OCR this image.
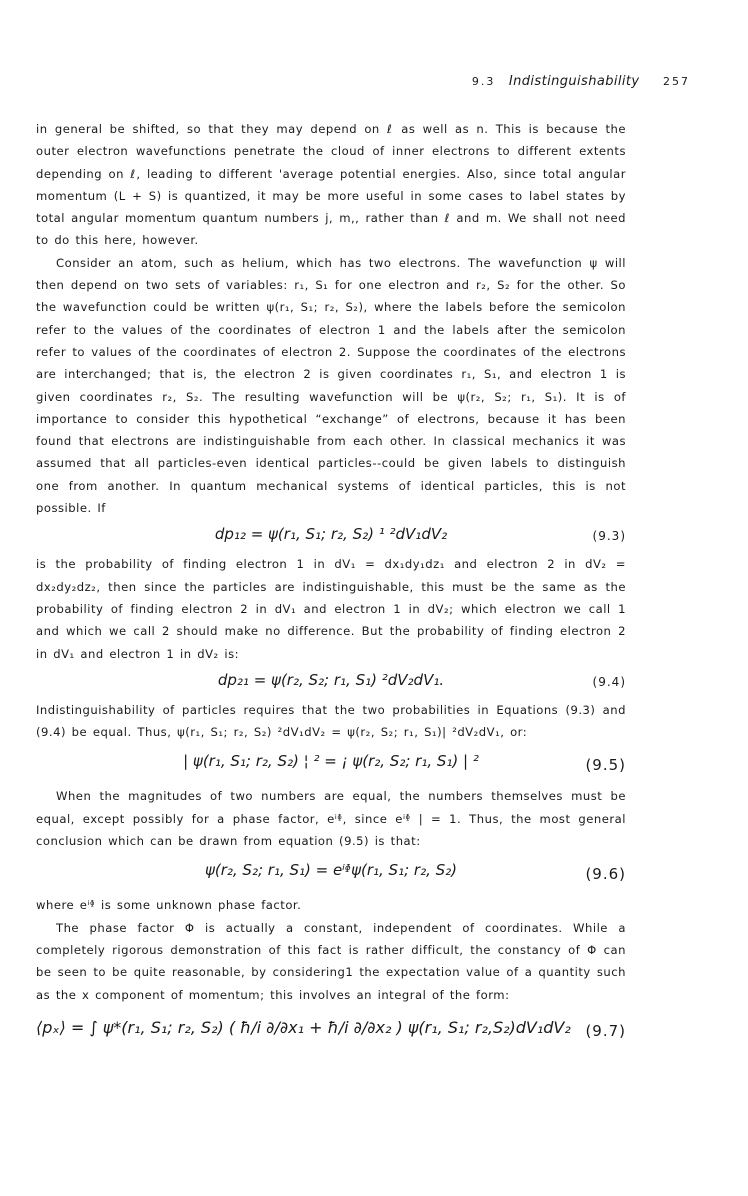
9.3 Indistinguishability 257

in general be shifted, so that they may depend on ℓ as well as n. This is because the outer electron wavefunctions penetrate the cloud of inner electrons to different extents depending on ℓ, leading to different 'average potential energies. Also, since total angular momentum (L + S) is quantized, it may be more useful in some cases to label states by total angular momentum quantum numbers j, m,, rather than ℓ and m. We shall not need to do this here, however.

Consider an atom, such as helium, which has two electrons. The wavefunction ψ will then depend on two sets of variables: r₁, S₁ for one electron and r₂, S₂ for the other. So the wavefunction could be written ψ(r₁, S₁; r₂, S₂), where the labels before the semicolon refer to the values of the coordinates of electron 1 and the labels after the semicolon refer to values of the coordinates of electron 2. Suppose the coordinates of the electrons are interchanged; that is, the electron 2 is given coordinates r₁, S₁, and electron 1 is given coordinates r₂, S₂. The resulting wavefunction will be ψ(r₂, S₂; r₁, S₁). It is of importance to consider this hypothetical “exchange” of electrons, because it has been found that electrons are indistinguishable from each other. In classical mechanics it was assumed that all particles-even identical particles--could be given labels to distinguish one from another. In quantum mechanical systems of identical particles, this is not possible. If

dp₁₂ = ψ(r₁, S₁; r₂, S₂) ¹ ²dV₁dV₂	(9.3)

is the probability of finding electron 1 in dV₁ = dx₁dy₁dz₁ and electron 2 in dV₂ = dx₂dy₂dz₂, then since the particles are indistinguishable, this must be the same as the probability of finding electron 2 in dV₁ and electron 1 in dV₂; which electron we call 1 and which we call 2 should make no difference. But the probability of finding electron 2 in dV₁ and electron 1 in dV₂ is:

dp₂₁ = ψ(r₂, S₂; r₁, S₁) ²dV₂dV₁.	(9.4)

Indistinguishability of particles requires that the two probabilities in Equations (9.3) and (9.4) be equal. Thus, ψ(r₁, S₁; r₂, S₂) ²dV₁dV₂ = ψ(r₂, S₂; r₁, S₁)| ²dV₂dV₁, or:

| ψ(r₁, S₁; r₂, S₂) ¦ ² = ¡ ψ(r₂, S₂; r₁, S₁) | ²	(9.5)

When the magnitudes of two numbers are equal, the numbers themselves must be equal, except possibly for a phase factor, eⁱᶲ, since eⁱᶲ | = 1. Thus, the most general conclusion which can be drawn from equation (9.5) is that:

ψ(r₂, S₂; r₁, S₁) = eⁱᶲψ(r₁, S₁; r₂, S₂)	(9.6)

where eⁱᶲ is some unknown phase factor.

The phase factor Φ is actually a constant, independent of coordinates. While a completely rigorous demonstration of this fact is rather difficult, the constancy of Φ can be seen to be quite reasonable, by considering1 the expectation value of a quantity such as the x component of momentum; this involves an integral of the form:

⟨pₓ⟩ = ∫ ψ*(r₁, S₁; r₂, S₂) ( ħ/i ∂/∂x₁ + ħ/i ∂/∂x₂ ) ψ(r₁, S₁; r₂,S₂)dV₁dV₂ (9.7)
